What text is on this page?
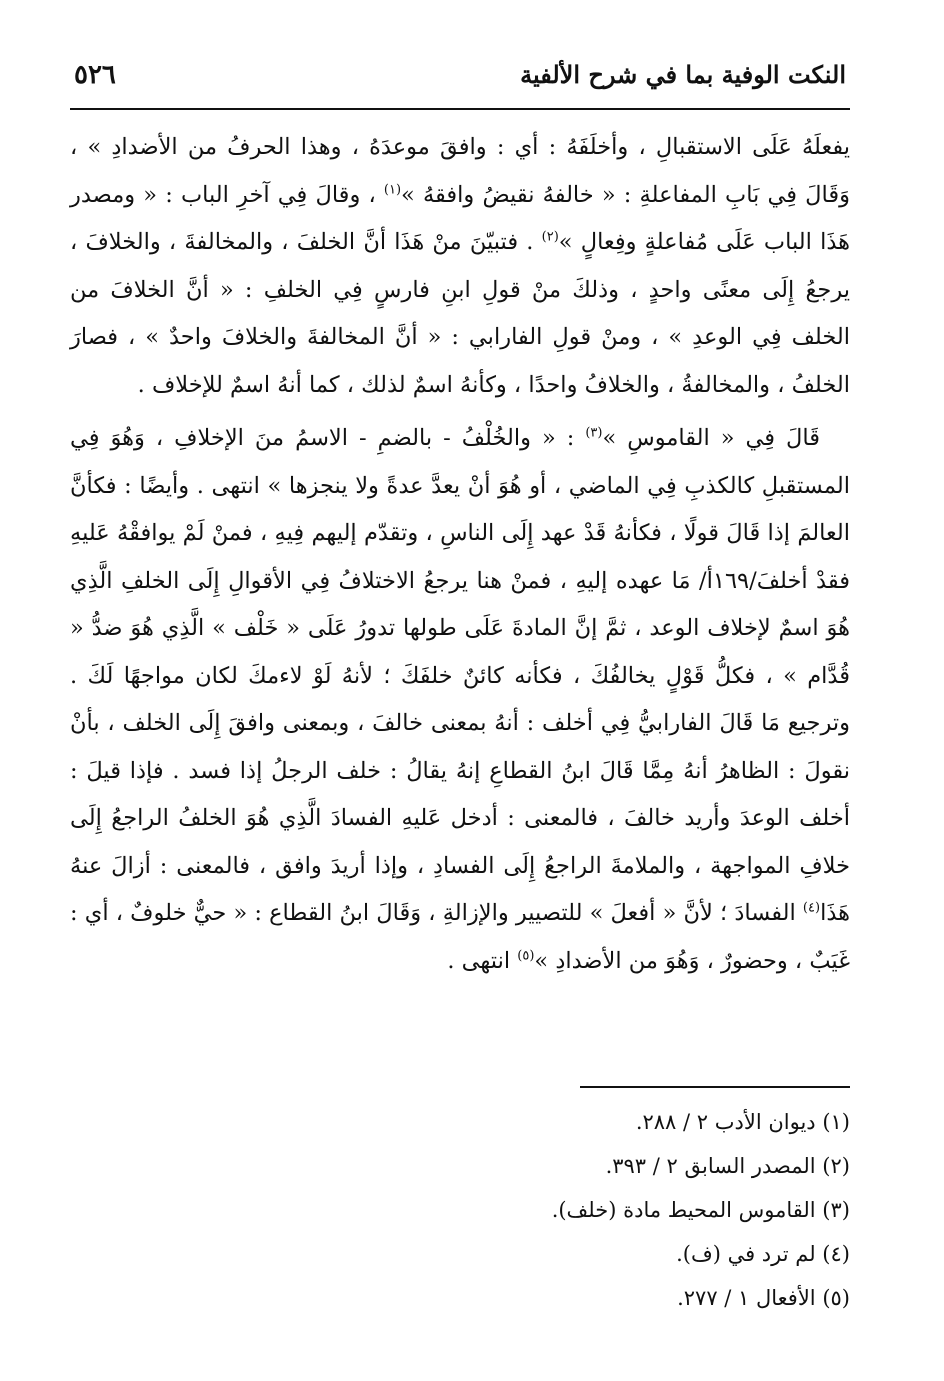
النكت الوفية بما في شرح الألفية
٥٢٦

يفعلَهُ عَلَى الاستقبالِ ، وأخلَفَهُ : أي : وافقَ موعدَهُ ، وهذا الحرفُ من الأضدادِ » ، وَقَالَ فِي بَابِ المفاعلةِ : « خالفهُ نقيضُ وافقهُ »$^{(١)}$ ، وقالَ فِي آخرِ الباب : « ومصدر هَذَا الباب عَلَى مُفاعلةٍ وفِعالٍ »$^{(٢)}$ . فتبيّنَ منْ هَذَا أنَّ الخلفَ ، والمخالفةَ ، والخلافَ ، يرجعُ إِلَى معنًى واحدٍ ، وذلكَ منْ قولِ ابنِ فارسٍ فِي الخلفِ : « أنَّ الخلافَ من الخلف فِي الوعدِ » ، ومنْ قولِ الفارابي : « أنَّ المخالفةَ والخلافَ واحدٌ » ، فصارَ الخلفُ ، والمخالفةُ ، والخلافُ واحدًا ، وكأنهُ اسمٌ لذلك ، كما أنهُ اسمٌ للإخلاف .

قَالَ فِي « القاموسِ »$^{(٣)}$ : « والخُلْفُ - بالضمِ - الاسمُ منَ الإخلافِ ، وَهُوَ فِي المستقبلِ كالكذبِ فِي الماضي ، أو هُوَ أنْ يعدَّ عدةً ولا ينجزها » انتهى . وأيضًا : فكأنَّ العالمَ إذا قَالَ قولًا ، فكأنهُ قَدْ عهد إِلَى الناسِ ، وتقدّم إليهم فِيهِ ، فمنْ لَمْ يوافقْهُ عَليهِ فقدْ أخلفَ/١٦٩أ/ مَا عهده إليهِ ، فمنْ هنا يرجعُ الاختلافُ فِي الأقوالِ إِلَى الخلفِ الَّذِي هُوَ اسمٌ لإخلاف الوعد ، ثمَّ إنَّ المادةَ عَلَى طولها تدورُ عَلَى « خَلْف » الَّذِي هُوَ ضدُّ « قُدَّام » ، فكلُّ قَوْلٍ يخالفُكَ ، فكأنه كائنٌ خلفَكَ ؛ لأنهُ لَوْ لاءمكَ لكان مواجهًا لَكَ . وترجيع مَا قَالَ الفارابيُّ فِي أخلف : أنهُ بمعنى خالفَ ، وبمعنى وافقَ إِلَى الخلف ، بأنْ نقولَ : الظاهرُ أنهُ مِمَّا قَالَ ابنُ القطاعِ إنهُ يقالُ : خلف الرجلُ إذا فسد . فإذا قيلَ : أخلف الوعدَ وأريد خالفَ ، فالمعنى : أدخل عَليهِ الفسادَ الَّذِي هُوَ الخلفُ الراجعُ إِلَى خلافِ المواجهة ، والملامةَ الراجعُ إِلَى الفسادِ ، وإذا أريدَ وافق ، فالمعنى : أزالَ عنهُ هَذَا$^{(٤)}$ الفسادَ ؛ لأنَّ « أفعلَ » للتصيير والإزالةِ ، وَقَالَ ابنُ القطاع : « حيٌّ خلوفٌ ، أي : غَيَبٌ ، وحضورٌ ، وَهُوَ من الأضدادِ »$^{(٥)}$ انتهى .

(١) ديوان الأدب ٢ / ٢٨٨.
(٢) المصدر السابق ٢ / ٣٩٣.
(٣) القاموس المحيط مادة (خلف).
(٤) لم ترد في (ف).
(٥) الأفعال ١ / ٢٧٧.
